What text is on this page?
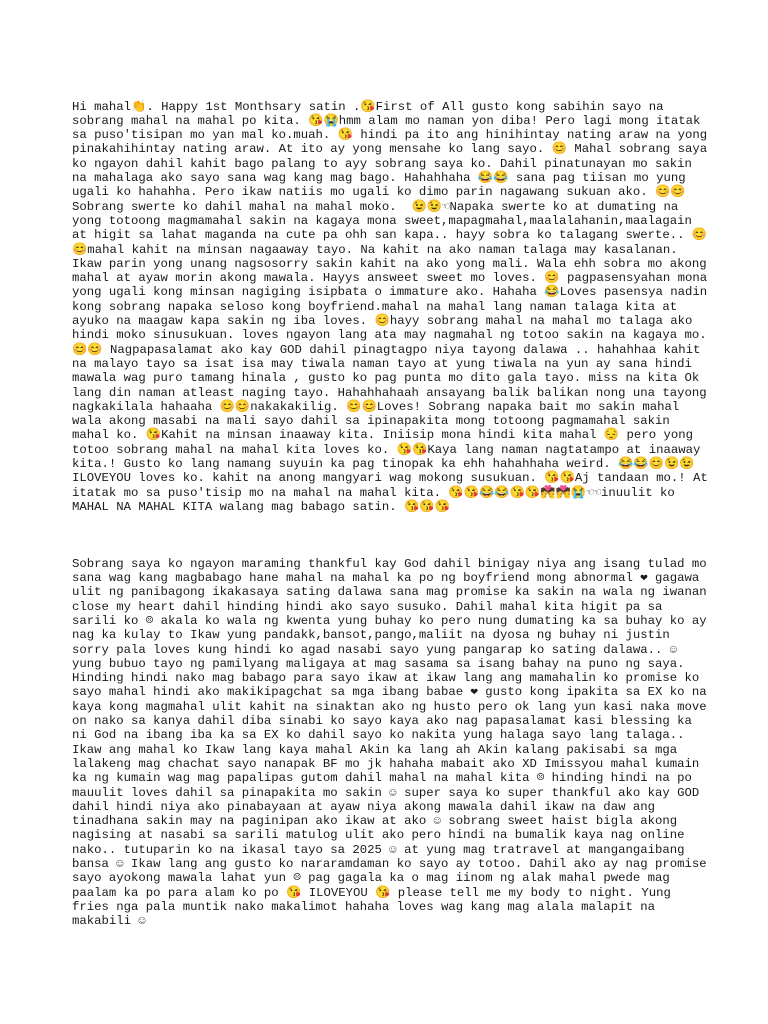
Hi mahal👏. Happy 1st Monthsary satin .😘First of All gusto kong sabihin sayo na sobrang mahal na mahal po kita. 😘😭hmm alam mo naman yon diba! Pero lagi mong itatak sa puso'tisipan mo yan mal ko.muah. 😘 hindi pa ito ang hinihintay nating araw na yong pinakahihintay nating araw. At ito ay yong mensahe ko lang sayo. 😊 Mahal sobrang saya ko ngayon dahil kahit bago palang to ayy sobrang saya ko. Dahil pinatunayan mo sakin na mahalaga ako sayo sana wag kang mag bago. Hahahhaha 😂😂 sana pag tiisan mo yung ugali ko hahahha. Pero ikaw natiis mo ugali ko dimo parin nagawang sukuan ako. 😊😊Sobrang swerte ko dahil mahal na mahal moko.  😉😉☜Napaka swerte ko at dumating na yong totoong magmamahal sakin na kagaya mona sweet,mapagmahal,maalalahanin,maalagain at higit sa lahat maganda na cute pa ohh san kapa.. hayy sobra ko talagang swerte.. 😊😊mahal kahit na minsan nagaaway tayo. Na kahit na ako naman talaga may kasalanan. Ikaw parin yong unang nagsosorry sakin kahit na ako yong mali. Wala ehh sobra mo akong mahal at ayaw morin akong mawala. Hayys answeet sweet mo loves. 😊 pagpasensyahan mona yong ugali kong minsan nagiging isipbata o immature ako. Hahaha 😂Loves pasensya nadin kong sobrang napaka seloso kong boyfriend.mahal na mahal lang naman talaga kita at ayuko na maagaw kapa sakin ng iba loves. 😊hayy sobrang mahal na mahal mo talaga ako hindi moko sinusukuan. loves ngayon lang ata may nagmahal ng totoo sakin na kagaya mo. 😊😊 Nagpapasalamat ako kay GOD dahil pinagtagpo niya tayong dalawa .. hahahhaa kahit na malayo tayo sa isat isa may tiwala naman tayo at yung tiwala na yun ay sana hindi mawala wag puro tamang hinala , gusto ko pag punta mo dito gala tayo. miss na kita Ok lang din naman atleast naging tayo. Hahahhahaah ansayang balik balikan nong una tayong nagkakilala hahaaha 😊😊nakakakilig. 😊😊Loves! Sobrang napaka bait mo sakin mahal wala akong masabi na mali sayo dahil sa ipinapakita mong totoong pagmamahal sakin mahal ko. 😘Kahit na minsan inaaway kita. Iniisip mona hindi kita mahal 😔 pero yong totoo sobrang mahal na mahal kita loves ko. 😘😘Kaya lang naman nagtatampo at inaaway kita.! Gusto ko lang namang suyuin ka pag tinopak ka ehh hahahhaha weird. 😂😂😊😉😉ILOVEYOU loves ko. kahit na anong mangyari wag mokong susukuan. 😘😘Aj tandaan mo.! At itatak mo sa puso'tisip mo na mahal na mahal kita. 😘😘😂😂😘😘💏💏😭☜☜inuulit ko MAHAL NA MAHAL KITA walang mag babago satin. 😘😘😘

Sobrang saya ko ngayon maraming thankful kay God dahil binigay niya ang isang tulad mo sana wag kang magbabago hane mahal na mahal ka po ng boyfriend mong abnormal ❤ gagawa ulit ng panibagong ikakasaya sating dalawa sana mag promise ka sakin na wala ng iwanan close my heart dahil hinding hindi ako sayo susuko. Dahil mahal kita higit pa sa sarili ko ☹ akala ko wala ng kwenta yung buhay ko pero nung dumating ka sa buhay ko ay nag ka kulay to Ikaw yung pandakk,bansot,pango,maliit na dyosa ng buhay ni justin sorry pala loves kung hindi ko agad nasabi sayo yung pangarap ko sating dalawa.. ☺ yung bubuo tayo ng pamilyang maligaya at mag sasama sa isang bahay na puno ng saya. Hinding hindi nako mag babago para sayo ikaw at ikaw lang ang mamahalin ko promise ko sayo mahal hindi ako makikipagchat sa mga ibang babae ❤ gusto kong ipakita sa EX ko na kaya kong magmahal ulit kahit na sinaktan ako ng husto pero ok lang yun kasi naka move on nako sa kanya dahil diba sinabi ko sayo kaya ako nag papasalamat kasi blessing ka ni God na ibang iba ka sa EX ko dahil sayo ko nakita yung halaga sayo lang talaga.. Ikaw ang mahal ko Ikaw lang kaya mahal Akin ka lang ah Akin kalang pakisabi sa mga lalakeng mag chachat sayo nanapak BF mo jk hahaha mabait ako XD Imissyou mahal kumain ka ng kumain wag mag papalipas gutom dahil mahal na mahal kita ☹ hinding hindi na po mauulit loves dahil sa pinapakita mo sakin ☺ super saya ko super thankful ako kay GOD dahil hindi niya ako pinabayaan at ayaw niya akong mawala dahil ikaw na daw ang tinadhana sakin may na paginipan ako ikaw at ako ☺ sobrang sweet haist bigla akong nagising at nasabi sa sarili matulog ulit ako pero hindi na bumalik kaya nag online nako.. tutuparin ko na ikasal tayo sa 2025 ☺ at yung mag tratravel at mangangaibang bansa ☺ Ikaw lang ang gusto ko nararamdaman ko sayo ay totoo. Dahil ako ay nag promise sayo ayokong mawala lahat yun ☹ pag gagala ka o mag iinom ng alak mahal pwede mag paalam ka po para alam ko po 😘 ILOVEYOU 😘 please tell me my body to night. Yung fries nga pala muntik nako makalimot hahaha loves wag kang mag alala malapit na makabili ☺
